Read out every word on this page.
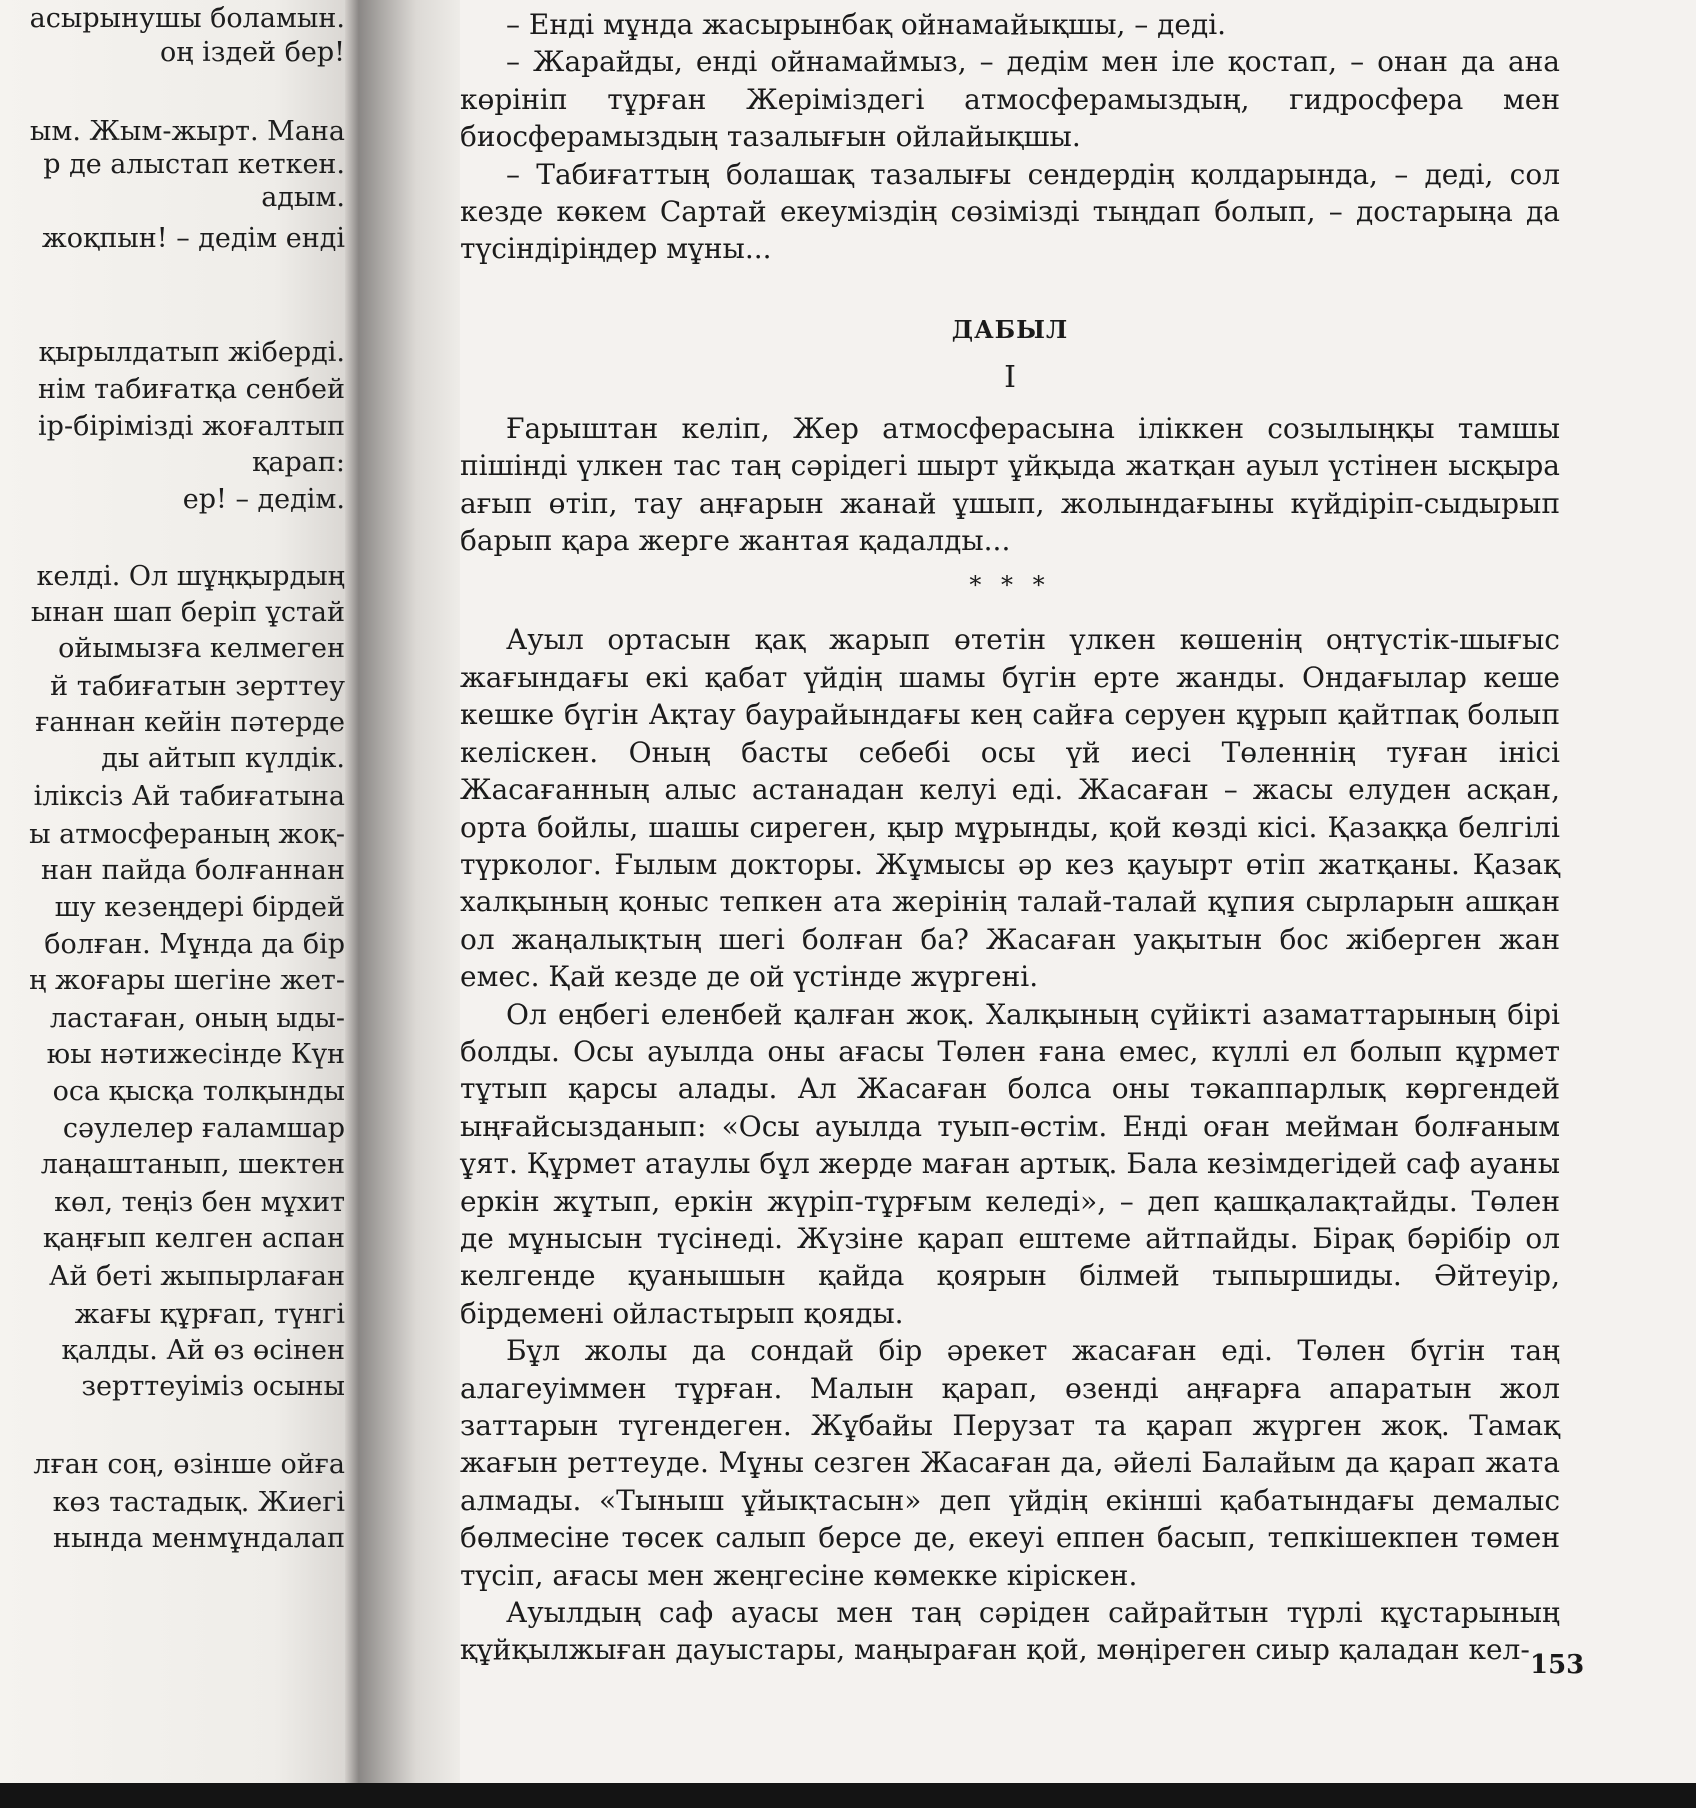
асырынушы боламын.
оң іздей бер!
ым. Жым-жырт. Мана
р де алыстап кеткен.
адым.
жоқпын! – дедім енді
қырылдатып жіберді.
нім табиғатқа сенбей
ір-бірімізді жоғалтып
қарап:
ер! – дедім.
келді. Ол шұңқырдың
ынан шап беріп ұстай
ойымызға келмеген
й табиғатын зерттеу
ғаннан кейін пәтерде
ды айтып күлдік.
іліксіз Ай табиғатына
ы атмосфераның жоқ-
нан пайда болғаннан
шу кезеңдері бірдей
болған. Мұнда да бір
ң жоғары шегіне жет-
ластаған, оның ыды-
юы нәтижесінде Күн
оса қысқа толқынды
сәулелер ғаламшар
лаңаштанып, шектен
көл, теңіз бен мұхит
қаңғып келген аспан
Ай беті жыпырлаған
жағы құрғап, түнгі
қалды. Ай өз өсінен
зерттеуіміз осыны
лған соң, өзінше ойға
көз тастадық. Жиегі
нында менмұндалап

– Енді мұнда жасырынбақ ойнамайықшы, – деді.

– Жарайды, енді ойнамаймыз, – дедім мен іле қостап, – онан да ана көрініп тұрған Жерімiздегі атмосферамыздың, гидросфера мен биосферамыздың тазалығын ойлайықшы.

– Табиғаттың болашақ тазалығы сендердің қолдарында, – деді, сол кезде көкем Сартай екеуміздің сөзімізді тыңдап болып, – достарыңа да түсіндіріңдер мұны...

ДАБЫЛ
I

Ғарыштан келіп, Жер атмосферасына іліккен созылыңқы тамшы пішінді үлкен тас таң сәрідегі шырт ұйқыда жатқан ауыл үстінен ысқыра ағып өтіп, тау аңғарын жанай ұшып, жолындағыны күйдіріп-сыдырып барып қара жерге жантая қадалды...

* * *

Ауыл ортасын қақ жарып өтетін үлкен көшенің оңтүстік-шығыс жағындағы екі қабат үйдің шамы бүгін ерте жанды. Ондағылар кеше кешке бүгін Ақтау баурайындағы кең сайға серуен құрып қайтпақ болып келіскен. Оның басты себебі осы үй иесі Төленнің туған інісі Жасағанның алыс астанадан келуі еді. Жасаған – жасы елуден асқан, орта бойлы, шашы сиреген, қыр мұрынды, қой көзді кісі. Қазаққа белгілі түрколог. Ғылым докторы. Жұмысы әр кез қауырт өтіп жатқаны. Қазақ халқының қоныс тепкен ата жерінің талай-талай құпия сырларын ашқан ол жаңалықтың шегі болған ба? Жасаған уақытын бос жіберген жан емес. Қай кезде де ой үстінде жүргені.

Ол еңбегі еленбей қалған жоқ. Халқының сүйікті азаматтарының бірі болды. Осы ауылда оны ағасы Төлен ғана емес, күллі ел болып құрмет тұтып қарсы алады. Ал Жасаған болса оны тәкаппарлық көргендей ыңғайсызданып: «Осы ауылда туып-өстім. Енді оған мейман болғаным ұят. Құрмет атаулы бұл жерде маған артық. Бала кезімдегідей саф ауаны еркін жұтып, еркін жүріп-тұрғым келеді», – деп қашқалақтайды. Төлен де мұнысын түсінеді. Жүзіне қарап ештеме айтпайды. Бірақ бәрібір ол келгенде қуанышын қайда қоярын білмей тыпыршиды. Әйтеуір, бірдемені ойластырып қояды.

Бұл жолы да сондай бір әрекет жасаған еді. Төлен бүгін таң алагеуіммен тұрған. Малын қарап, өзенді аңғарға апаратын жол заттарын түгендеген. Жұбайы Перузат та қарап жүрген жоқ. Тамақ жағын реттеуде. Мұны сезген Жасаған да, әйелі Балайым да қарап жата алмады. «Тыныш ұйықтасын» деп үйдің екінші қабатындағы демалыс бөлмесіне төсек салып берсе де, екеуі еппен басып, тепкішекпен төмен түсіп, ағасы мен жеңгесіне көмекке кіріскен.

Ауылдың саф ауасы мен таң сәріден сайрайтын түрлі құстарының құйқылжыған дауыстары, маңыраған қой, мөңіреген сиыр қаладан кел- 153
